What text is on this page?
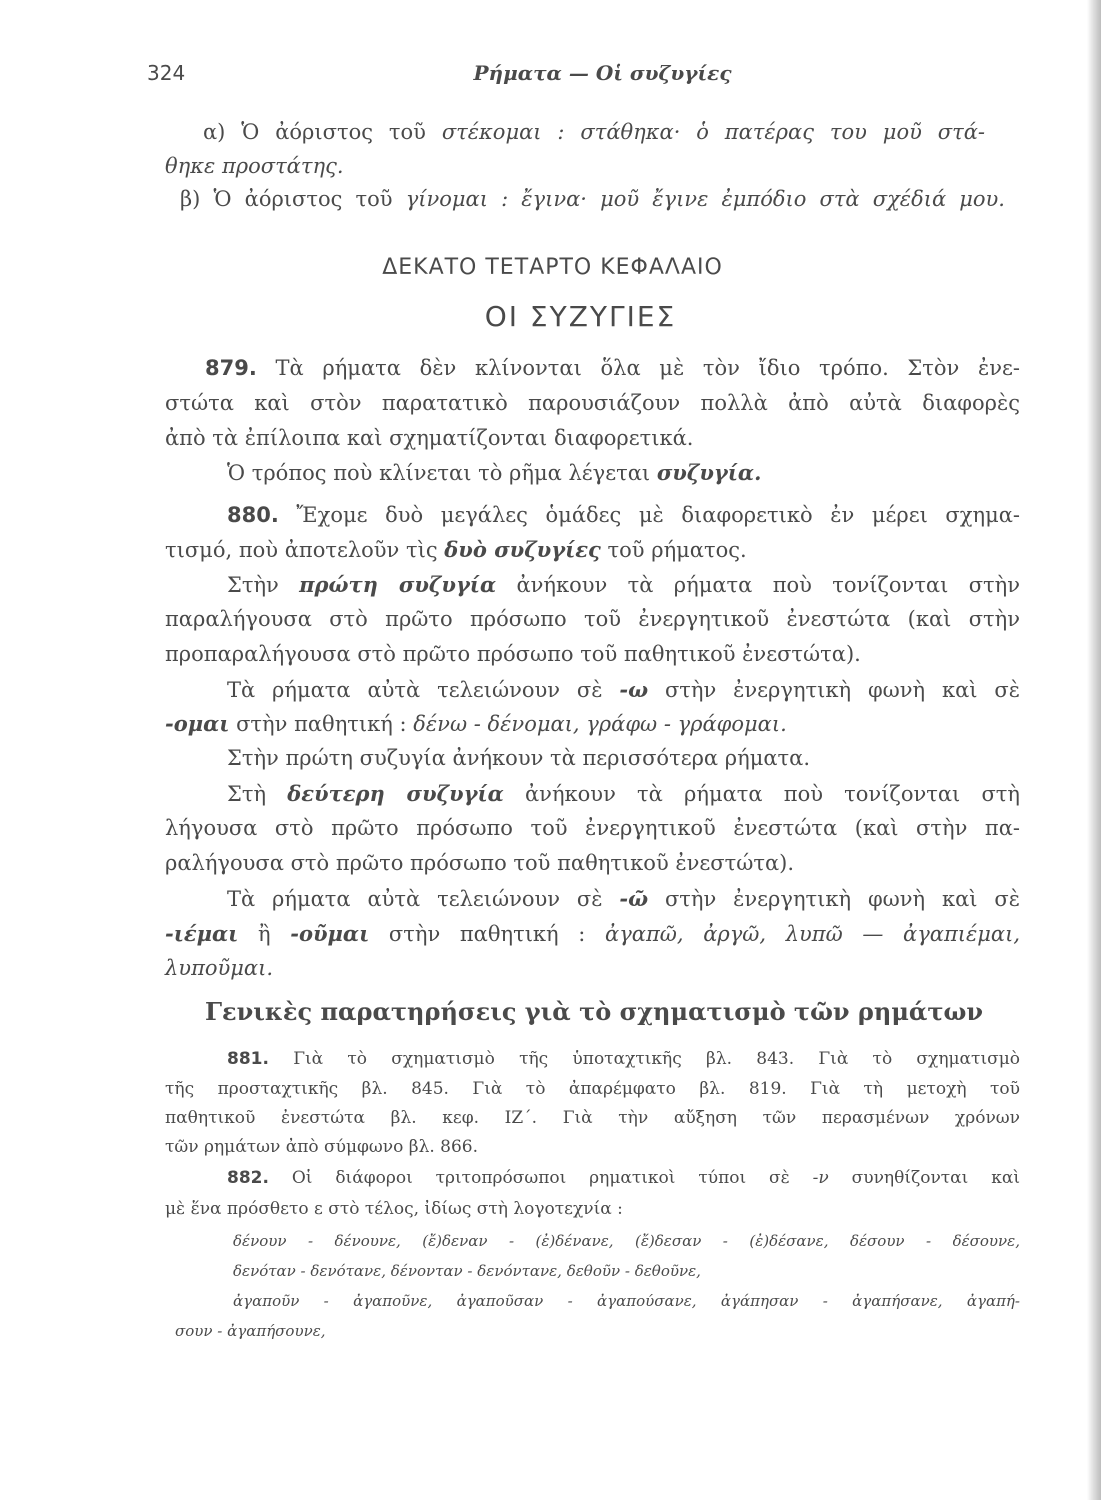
324	Ρήματα — Οἱ συζυγίες
α) Ὁ ἀόριστος τοῦ στέκομαι : στάθηκα· ὁ πατέρας του μοῦ στά-
θηκε προστάτης.
β) Ὁ ἀόριστος τοῦ γίνομαι : ἔγινα· μοῦ ἔγινε ἐμπόδιο στὰ σχέδιά μου.
ΔΕΚΑΤΟ ΤΕΤΑΡΤΟ ΚΕΦΑΛΑΙΟ
ΟΙ ΣΥΖΥΓΙΕΣ
879. Τὰ ρήματα δὲν κλίνονται ὅλα μὲ τὸν ἴδιο τρόπο. Στὸν ἐνε-
στώτα καὶ στὸν παρατατικὸ παρουσιάζουν πολλὰ ἀπὸ αὐτὰ διαφορὲς
ἀπὸ τὰ ἐπίλοιπα καὶ σχηματίζονται διαφορετικά.
Ὁ τρόπος ποὺ κλίνεται τὸ ρῆμα λέγεται συζυγία.
880. Ἔχομε δυὸ μεγάλες ὁμάδες μὲ διαφορετικὸ ἐν μέρει σχημα-
τισμό, ποὺ ἀποτελοῦν τὶς δυὸ συζυγίες τοῦ ρήματος.
Στὴν πρώτη συζυγία ἀνήκουν τὰ ρήματα ποὺ τονίζονται στὴν
παραλήγουσα στὸ πρῶτο πρόσωπο τοῦ ἐνεργητικοῦ ἐνεστώτα (καὶ στὴν
προπαραλήγουσα στὸ πρῶτο πρόσωπο τοῦ παθητικοῦ ἐνεστώτα).
Τὰ ρήματα αὐτὰ τελειώνουν σὲ -ω στὴν ἐνεργητικὴ φωνὴ καὶ σὲ
-ομαι στὴν παθητική : δένω - δένομαι, γράφω - γράφομαι.
Στὴν πρώτη συζυγία ἀνήκουν τὰ περισσότερα ρήματα.
Στὴ δεύτερη συζυγία ἀνήκουν τὰ ρήματα ποὺ τονίζονται στὴ
λήγουσα στὸ πρῶτο πρόσωπο τοῦ ἐνεργητικοῦ ἐνεστώτα (καὶ στὴν πα-
ραλήγουσα στὸ πρῶτο πρόσωπο τοῦ παθητικοῦ ἐνεστώτα).
Τὰ ρήματα αὐτὰ τελειώνουν σὲ -ῶ στὴν ἐνεργητικὴ φωνὴ καὶ σὲ
-ιέμαι ἢ -οῦμαι στὴν παθητική : ἀγαπῶ, ἀργῶ, λυπῶ — ἀγαπιέμαι,
λυποῦμαι.
Γενικὲς παρατηρήσεις γιὰ τὸ σχηματισμὸ τῶν ρημάτων
881. Γιὰ τὸ σχηματισμὸ τῆς ὑποταχτικῆς βλ. 843. Γιὰ τὸ σχηματισμὸ
τῆς προσταχτικῆς βλ. 845. Γιὰ τὸ ἀπαρέμφατο βλ. 819. Γιὰ τὴ μετοχὴ τοῦ
παθητικοῦ ἐνεστώτα βλ. κεφ. ΙΖ΄. Γιὰ τὴν αὔξηση τῶν περασμένων χρόνων
τῶν ρημάτων ἀπὸ σύμφωνο βλ. 866.
882. Οἱ διάφοροι τριτοπρόσωποι ρηματικοὶ τύποι σὲ -ν συνηθίζονται καὶ
μὲ ἕνα πρόσθετο ε στὸ τέλος, ἰδίως στὴ λογοτεχνία :
δένουν - δένουνε, (ἔ)δεναν - (ἐ)δένανε, (ἔ)δεσαν - (ἐ)δέσανε, δέσουν - δέσουνε,
δενόταν - δενότανε, δένονταν - δενόντανε, δεθοῦν - δεθοῦνε,
ἀγαποῦν - ἀγαποῦνε, ἀγαποῦσαν - ἀγαπούσανε, ἀγάπησαν - ἀγαπήσανε, ἀγαπή-
σουν - ἀγαπήσουνε,
